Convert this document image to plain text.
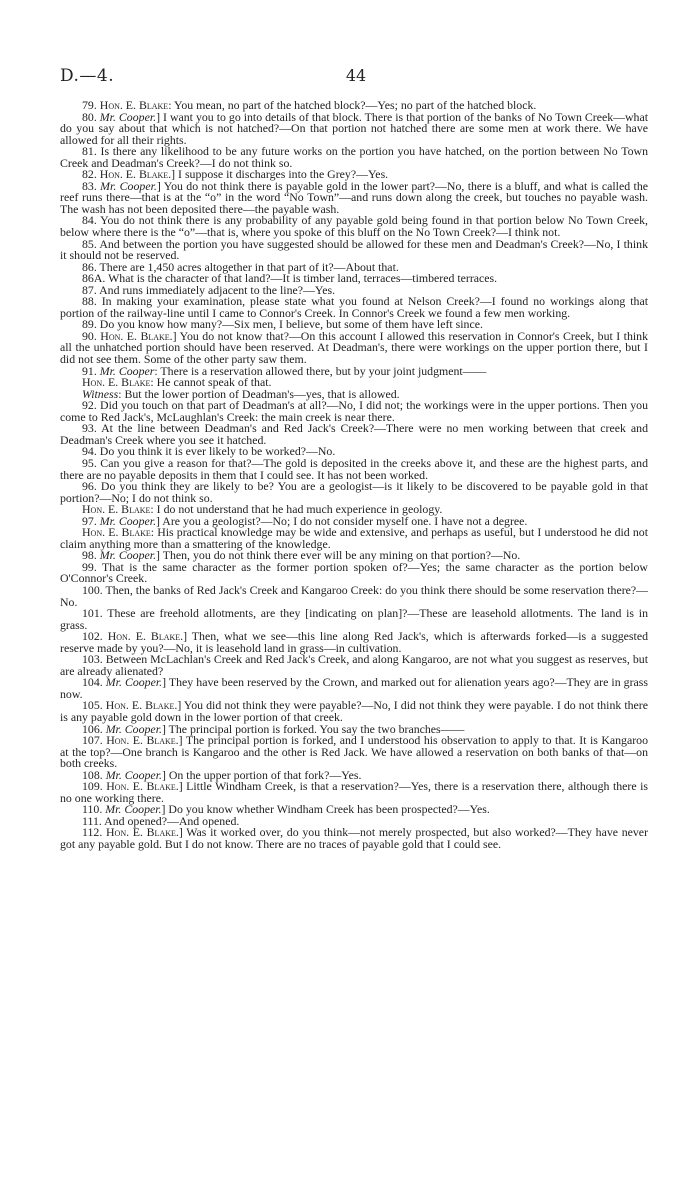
D.—4.	44

79. Hon. E. Blake: You mean, no part of the hatched block?—Yes; no part of the hatched block.

80. Mr. Cooper.] I want you to go into details of that block. There is that portion of the banks of No Town Creek—what do you say about that which is not hatched?—On that portion not hatched there are some men at work there. We have allowed for all their rights.

81. Is there any likelihood to be any future works on the portion you have hatched, on the portion between No Town Creek and Deadman's Creek?—I do not think so.

82. Hon. E. Blake.] I suppose it discharges into the Grey?—Yes.

83. Mr. Cooper.] You do not think there is payable gold in the lower part?—No, there is a bluff, and what is called the reef runs there—that is at the “o” in the word “No Town”—and runs down along the creek, but touches no payable wash. The wash has not been deposited there—the payable wash.

84. You do not think there is any probability of any payable gold being found in that portion below No Town Creek, below where there is the “o”—that is, where you spoke of this bluff on the No Town Creek?—I think not.

85. And between the portion you have suggested should be allowed for these men and Deadman's Creek?—No, I think it should not be reserved.

86. There are 1,450 acres altogether in that part of it?—About that.

86A. What is the character of that land?—It is timber land, terraces—timbered terraces.

87. And runs immediately adjacent to the line?—Yes.

88. In making your examination, please state what you found at Nelson Creek?—I found no workings along that portion of the railway-line until I came to Connor's Creek. In Connor's Creek we found a few men working.

89. Do you know how many?—Six men, I believe, but some of them have left since.

90. Hon. E. Blake.] You do not know that?—On this account I allowed this reservation in Connor's Creek, but I think all the unhatched portion should have been reserved. At Deadman's, there were workings on the upper portion there, but I did not see them. Some of the other party saw them.

91. Mr. Cooper: There is a reservation allowed there, but by your joint judgment——

Hon. E. Blake: He cannot speak of that.

Witness: But the lower portion of Deadman's—yes, that is allowed.

92. Did you touch on that part of Deadman's at all?—No, I did not; the workings were in the upper portions. Then you come to Red Jack's, McLaughlan's Creek: the main creek is near there.

93. At the line between Deadman's and Red Jack's Creek?—There were no men working between that creek and Deadman's Creek where you see it hatched.

94. Do you think it is ever likely to be worked?—No.

95. Can you give a reason for that?—The gold is deposited in the creeks above it, and these are the highest parts, and there are no payable deposits in them that I could see. It has not been worked.

96. Do you think they are likely to be? You are a geologist—is it likely to be discovered to be payable gold in that portion?—No; I do not think so.

Hon. E. Blake: I do not understand that he had much experience in geology.

97. Mr. Cooper.] Are you a geologist?—No; I do not consider myself one. I have not a degree.

Hon. E. Blake: His practical knowledge may be wide and extensive, and perhaps as useful, but I understood he did not claim anything more than a smattering of the knowledge.

98. Mr. Cooper.] Then, you do not think there ever will be any mining on that portion?—No.

99. That is the same character as the former portion spoken of?—Yes; the same character as the portion below O'Connor's Creek.

100. Then, the banks of Red Jack's Creek and Kangaroo Creek: do you think there should be some reservation there?—No.

101. These are freehold allotments, are they [indicating on plan]?—These are leasehold allotments. The land is in grass.

102. Hon. E. Blake.] Then, what we see—this line along Red Jack's, which is afterwards forked—is a suggested reserve made by you?—No, it is leasehold land in grass—in cultivation.

103. Between McLachlan's Creek and Red Jack's Creek, and along Kangaroo, are not what you suggest as reserves, but are already alienated?

104. Mr. Cooper.] They have been reserved by the Crown, and marked out for alienation years ago?—They are in grass now.

105. Hon. E. Blake.] You did not think they were payable?—No, I did not think they were payable. I do not think there is any payable gold down in the lower portion of that creek.

106. Mr. Cooper.] The principal portion is forked. You say the two branches——

107. Hon. E. Blake.] The principal portion is forked, and I understood his observation to apply to that. It is Kangaroo at the top?—One branch is Kangaroo and the other is Red Jack. We have allowed a reservation on both banks of that—on both creeks.

108. Mr. Cooper.] On the upper portion of that fork?—Yes.

109. Hon. E. Blake.] Little Windham Creek, is that a reservation?—Yes, there is a reservation there, although there is no one working there.

110. Mr. Cooper.] Do you know whether Windham Creek has been prospected?—Yes.

111. And opened?—And opened.

112. Hon. E. Blake.] Was it worked over, do you think—not merely prospected, but also worked?—They have never got any payable gold. But I do not know. There are no traces of payable gold that I could see.
